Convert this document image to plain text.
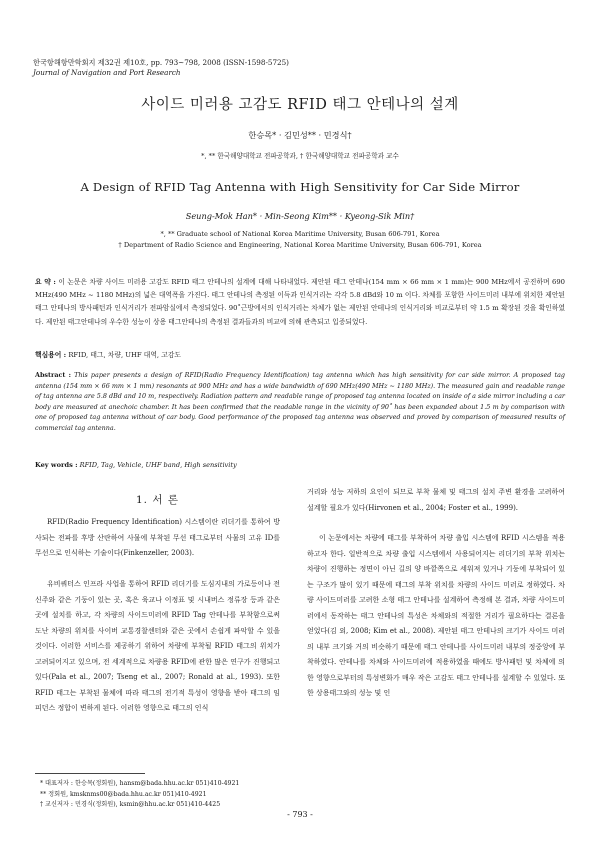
한국항해항만학회지 제32권 제10호, pp. 793~798, 2008 (ISSN-1598-5725)
Journal of Navigation and Port Research
사이드 미러용 고감도 RFID 태그 안테나의 설계
한승목* · 김민성** · 민경식†
*, ** 한국해양대학교 전파공학과, † 한국해양대학교 전파공학과 교수
A Design of RFID Tag Antenna with High Sensitivity for Car Side Mirror
Seung-Mok Han* · Min-Seong Kim** · Kyeong-Sik Min†
*, ** Graduate school of National Korea Maritime University, Busan 606-791, Korea
† Department of Radio Science and Engineering, National Korea Maritime University, Busan 606-791, Korea
요 약 : 이 논문은 차량 사이드 미러용 고감도 RFID 태그 안테나의 설계에 대해 나타내었다. 제안된 태그 안테나(154 mm × 66 mm × 1 mm)는 900 MHz에서 공진하며 690 MHz(490 MHz ~ 1180 MHz)의 넓은 대역폭을 가진다. 태그 안테나의 측정된 이득과 인식거리는 각각 5.8 dBd와 10 m 이다. 차체를 포함한 사이드미러 내부에 위치한 제안된 태그 안테나의 방사패턴과 인식거리가 전파암실에서 측정되었다. 90˚근방에서의 인식거리는 차체가 없는 제안된 안테나의 인식거리와 비교로부터 약 1.5 m 확장된 것을 확인하였다. 제안된 태그안테나의 우수한 성능이 상용 태그안테나의 측정된 결과들과의 비교에 의해 관측되고 입증되었다.
핵심용어 : RFID, 태그, 차량, UHF 대역, 고감도
Abstract : This paper presents a design of RFID(Radio Frequency Identification) tag antenna which has high sensitivity for car side mirror. A proposed tag antenna (154 mm × 66 mm × 1 mm) resonants at 900 MHz and has a wide bandwidth of 690 MHz(490 MHz ~ 1180 MHz). The measured gain and readable range of tag antenna are 5.8 dBd and 10 m, respectively. Radiation pattern and readable range of proposed tag antenna located on inside of a side mirror including a car body are measured at anechoic chamber. It has been confirmed that the readable range in the vicinity of 90˚ has been expanded about 1.5 m by comparison with one of proposed tag antenna without of car body. Good performance of the proposed tag antenna was observed and proved by comparison of measured results of commercial tag antenna.
Key words : RFID, Tag, Vehicle, UHF band, High sensitivity
1. 서 론
RFID(Radio Frequency Identification) 시스템이란 리더기를 통하여 방사되는 전파를 후방 산란하여 사물에 부착된 무선 태그로부터 사물의 고유 ID를 무선으로 인식하는 기술이다(Finkenzeller, 2003).
유비쿼터스 인프라 사업을 통하여 RFID 리더기를 도심지내의 가로등이나 전신주와 같은 기둥이 있는 곳, 혹은 육교나 이정표 및 시내버스 정류장 등과 같은 곳에 설치를 하고, 각 차량의 사이드미러에 RFID Tag 안테나를 부착함으로써 도난 차량의 위치를 사이버 교통경찰센터와 같은 곳에서 손쉽게 파악할 수 있을 것이다. 이러한 서비스를 제공하기 위하여 차량에 부착될 RFID 태그의 위치가 고려되어지고 있으며, 전 세계적으로 차량용 RFID에 관한 많은 연구가 진행되고 있다(Pala et al., 2007; Tseng et al., 2007; Ronald at al., 1993). 또한 RFID 태그는 부착된 물체에 따라 태그의 전기적 특성이 영향을 받아 태그의 임피던스 정합이 변하게 된다. 이러한 영향으로 태그의 인식
거리와 성능 저하의 요인이 되므로 부착 물체 및 태그의 설치 주변 환경을 고려하여 설계할 필요가 있다(Hirvonen et al., 2004; Foster et al., 1999).
이 논문에서는 차량에 태그를 부착하여 차량 출입 시스템에 RFID 시스템을 적용하고자 한다. 일반적으로 차량 출입 시스템에서 사용되어지는 리더기의 부착 위치는 차량이 진행하는 정면이 아닌 길의 양 바깥쪽으로 세워져 있거나 기둥에 부착되어 있는 구조가 많이 있기 때문에 태그의 부착 위치를 차량의 사이드 미러로 정하였다. 차량 사이드미러를 고려한 소형 태그 안테나를 설계하여 측정해 본 결과, 차량 사이드미러에서 동작하는 태그 안테나의 특성은 차체와의 적절한 거리가 필요하다는 결론을 얻었다(김 외, 2008; Kim et al., 2008). 제안된 태그 안테나의 크기가 사이드 미러의 내부 크기와 거의 비슷하기 때문에 태그 안테나를 사이드미러 내부의 정중앙에 부착하였다. 안테나를 차체와 사이드미러에 적용하였을 때에도 방사패턴 및 차체에 의한 영향으로부터의 특성변화가 매우 작은 고감도 태그 안테나를 설계할 수 있었다. 또한 상용태그와의 성능 및 인
* 대표저자 : 한승목(정회원), hansm@bada.hhu.ac.kr 051)410-4921
** 정회원, kmsknms00@bada.hhu.ac.kr 051)410-4921
† 교신저자 : 민경식(정회원), ksmin@hhu.ac.kr 051)410-4425
- 793 -
